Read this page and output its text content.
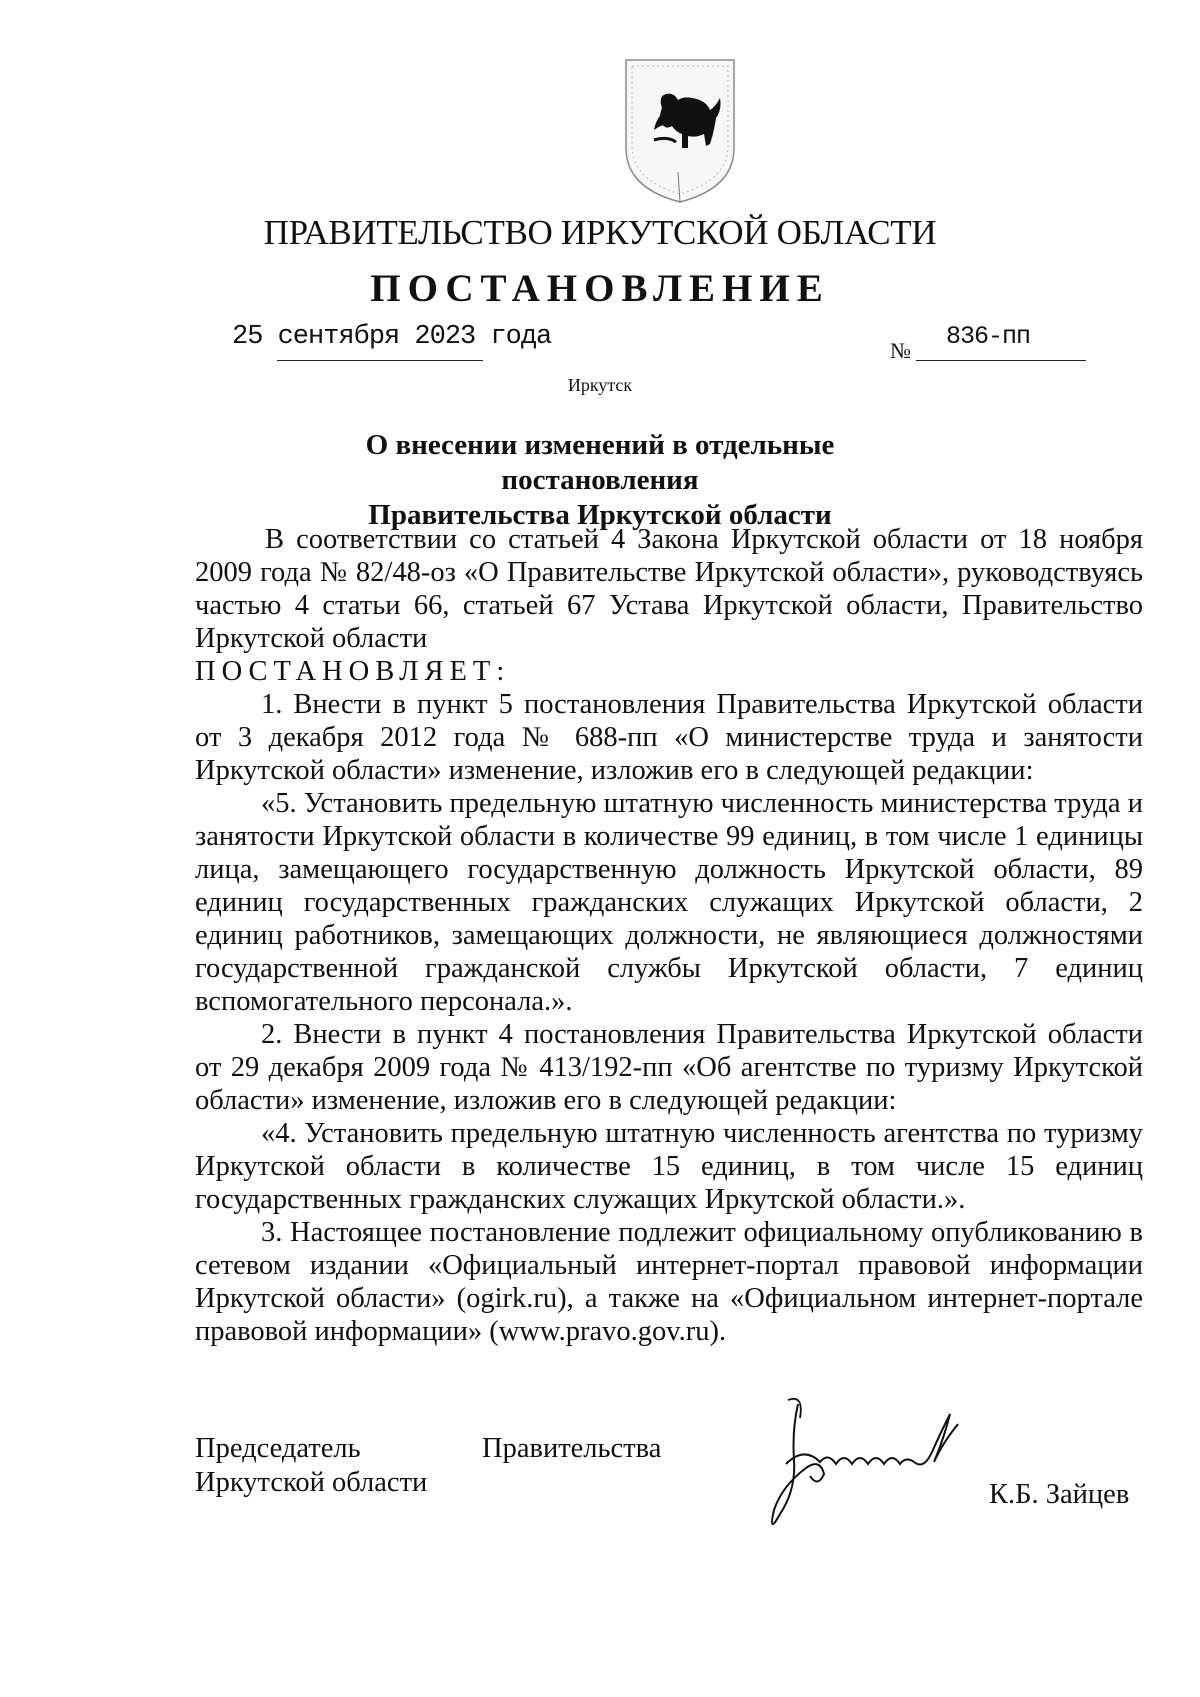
ПРАВИТЕЛЬСТВО ИРКУТСКОЙ ОБЛАСТИ
ПОСТАНОВЛЕНИЕ
25 сентября 2023 года	№ 836-пп
Иркутск
О внесении изменений в отдельные постановления
Правительства Иркутской области

В соответствии со статьей 4 Закона Иркутской области от 18 ноября 2009 года № 82/48-оз «О Правительстве Иркутской области», руководствуясь частью 4 статьи 66, статьей 67 Устава Иркутской области, Правительство Иркутской области

ПОСТАНОВЛЯЕТ:

1. Внести в пункт 5 постановления Правительства Иркутской области от 3 декабря 2012 года № 688-пп «О министерстве труда и занятости Иркутской области» изменение, изложив его в следующей редакции:

«5. Установить предельную штатную численность министерства труда и занятости Иркутской области в количестве 99 единиц, в том числе 1 единицы лица, замещающего государственную должность Иркутской области, 89 единиц государственных гражданских служащих Иркутской области, 2 единиц работников, замещающих должности, не являющиеся должностями государственной гражданской службы Иркутской области, 7 единиц вспомогательного персонала.».

2. Внести в пункт 4 постановления Правительства Иркутской области от 29 декабря 2009 года № 413/192-пп «Об агентстве по туризму Иркутской области» изменение, изложив его в следующей редакции:

«4. Установить предельную штатную численность агентства по туризму Иркутской области в количестве 15 единиц, в том числе 15 единиц государственных гражданских служащих Иркутской области.».

3. Настоящее постановление подлежит официальному опубликованию в сетевом издании «Официальный интернет-портал правовой информации Иркутской области» (ogirk.ru), а также на «Официальном интернет-портале правовой информации» (www.pravo.gov.ru).

Председатель	Правительства
Иркутской области	К.Б. Зайцев
